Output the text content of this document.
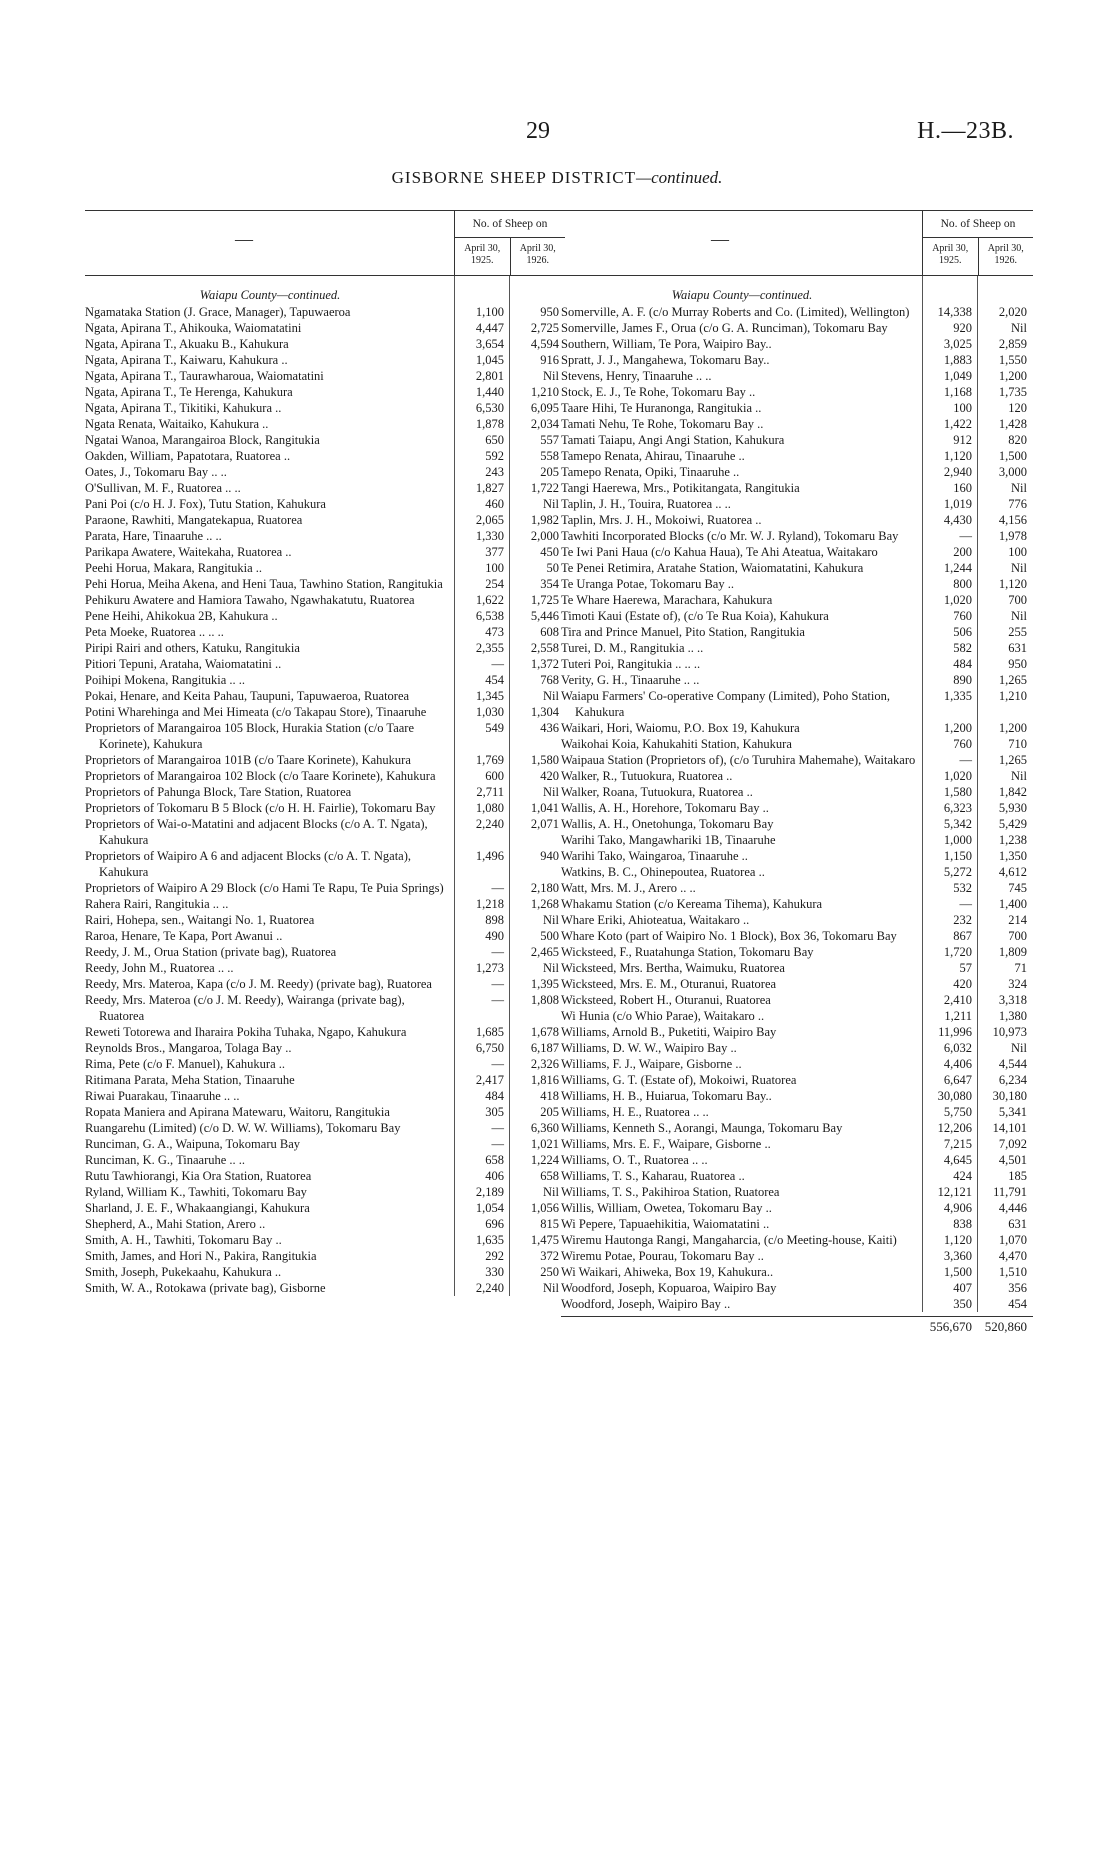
29	H.—23B.
GISBORNE SHEEP DISTRICT—continued.
—
No. of Sheep on
April 30, 1925.
April 30, 1926.
Waiapu County—continued.
Ngamataka Station (J. Grace, Manager), Tapuwaeroa	1,100	950
Ngata, Apirana T., Ahikouka, Waiomatatini	4,447	2,725
Ngata, Apirana T., Akuaku B., Kahukura	3,654	4,594
Ngata, Apirana T., Kaiwaru, Kahukura ..	1,045	916
Ngata, Apirana T., Taurawharoua, Waiomatatini	2,801	Nil
Ngata, Apirana T., Te Herenga, Kahukura	1,440	1,210
Ngata, Apirana T., Tikitiki, Kahukura ..	6,530	6,095
Ngata Renata, Waitaiko, Kahukura ..	1,878	2,034
Ngatai Wanoa, Marangairoa Block, Rangitukia	650	557
Oakden, William, Papatotara, Ruatorea ..	592	558
Oates, J., Tokomaru Bay .. ..	243	205
O'Sullivan, M. F., Ruatorea .. ..	1,827	1,722
Pani Poi (c/o H. J. Fox), Tutu Station, Kahukura	460	Nil
Paraone, Rawhiti, Mangatekapua, Ruatorea	2,065	1,982
Parata, Hare, Tinaaruhe .. ..	1,330	2,000
Parikapa Awatere, Waitekaha, Ruatorea ..	377	450
Peehi Horua, Makara, Rangitukia ..	100	50
Pehi Horua, Meiha Akena, and Heni Taua, Tawhino Station, Rangitukia	254	354
Pehikuru Awatere and Hamiora Tawaho, Ngawhakatutu, Ruatorea	1,622	1,725
Pene Heihi, Ahikokua 2B, Kahukura ..	6,538	5,446
Peta Moeke, Ruatorea .. .. ..	473	608
Piripi Rairi and others, Katuku, Rangitukia	2,355	2,558
Pitiori Tepuni, Arataha, Waiomatatini ..	—	1,372
Poihipi Mokena, Rangitukia .. ..	454	768
Pokai, Henare, and Keita Pahau, Taupuni, Tapuwaeroa, Ruatorea	1,345	Nil
Potini Wharehinga and Mei Himeata (c/o Takapau Store), Tinaaruhe	1,030	1,304
Proprietors of Marangairoa 105 Block, Hurakia Station (c/o Taare Korinete), Kahukura
549	436
Proprietors of Marangairoa 101B (c/o Taare Korinete), Kahukura	1,769	1,580
Proprietors of Marangairoa 102 Block (c/o Taare Korinete), Kahukura	600	420
Proprietors of Pahunga Block, Tare Station, Ruatorea	2,711	Nil
Proprietors of Tokomaru B 5 Block (c/o H. H. Fairlie), Tokomaru Bay	1,080	1,041
Proprietors of Wai-o-Matatini and adjacent Blocks (c/o A. T. Ngata), Kahukura
2,240	2,071
Proprietors of Waipiro A 6 and adjacent Blocks (c/o A. T. Ngata), Kahukura
1,496	940
Proprietors of Waipiro A 29 Block (c/o Hami Te Rapu, Te Puia Springs)	—	2,180
Rahera Rairi, Rangitukia .. ..	1,218	1,268
Rairi, Hohepa, sen., Waitangi No. 1, Ruatorea	898	Nil
Raroa, Henare, Te Kapa, Port Awanui ..	490	500
Reedy, J. M., Orua Station (private bag), Ruatorea	—	2,465
Reedy, John M., Ruatorea .. ..	1,273	Nil
Reedy, Mrs. Materoa, Kapa (c/o J. M. Reedy) (private bag), Ruatorea	—	1,395
Reedy, Mrs. Materoa (c/o J. M. Reedy), Wairanga (private bag), Ruatorea
—	1,808
Reweti Totorewa and Iharaira Pokiha Tuhaka, Ngapo, Kahukura	1,685	1,678
Reynolds Bros., Mangaroa, Tolaga Bay ..	6,750	6,187
Rima, Pete (c/o F. Manuel), Kahukura ..	—	2,326
Ritimana Parata, Meha Station, Tinaaruhe	2,417	1,816
Riwai Puarakau, Tinaaruhe .. ..	484	418
Ropata Maniera and Apirana Matewaru, Waitoru, Rangitukia	305	205
Ruangarehu (Limited) (c/o D. W. W. Williams), Tokomaru Bay	—	6,360
Runciman, G. A., Waipuna, Tokomaru Bay	—	1,021
Runciman, K. G., Tinaaruhe .. ..	658	1,224
Rutu Tawhiorangi, Kia Ora Station, Ruatorea	406	658
Ryland, William K., Tawhiti, Tokomaru Bay	2,189	Nil
Sharland, J. E. F., Whakaangiangi, Kahukura	1,054	1,056
Shepherd, A., Mahi Station, Arero ..	696	815
Smith, A. H., Tawhiti, Tokomaru Bay ..	1,635	1,475
Smith, James, and Hori N., Pakira, Rangitukia	292	372
Smith, Joseph, Pukekaahu, Kahukura ..	330	250
Smith, W. A., Rotokawa (private bag), Gisborne	2,240	Nil
—
No. of Sheep on
April 30, 1925.
April 30, 1926.
Waiapu County—continued.
Somerville, A. F. (c/o Murray Roberts and Co. (Limited), Wellington)	14,338	2,020
Somerville, James F., Orua (c/o G. A. Runciman), Tokomaru Bay	920	Nil
Southern, William, Te Pora, Waipiro Bay..	3,025	2,859
Spratt, J. J., Mangahewa, Tokomaru Bay..	1,883	1,550
Stevens, Henry, Tinaaruhe .. ..	1,049	1,200
Stock, E. J., Te Rohe, Tokomaru Bay ..	1,168	1,735
Taare Hihi, Te Huranonga, Rangitukia ..	100	120
Tamati Nehu, Te Rohe, Tokomaru Bay ..	1,422	1,428
Tamati Taiapu, Angi Angi Station, Kahukura	912	820
Tamepo Renata, Ahirau, Tinaaruhe ..	1,120	1,500
Tamepo Renata, Opiki, Tinaaruhe ..	2,940	3,000
Tangi Haerewa, Mrs., Potikitangata, Rangitukia	160	Nil
Taplin, J. H., Touira, Ruatorea .. ..	1,019	776
Taplin, Mrs. J. H., Mokoiwi, Ruatorea ..	4,430	4,156
Tawhiti Incorporated Blocks (c/o Mr. W. J. Ryland), Tokomaru Bay	—	1,978
Te Iwi Pani Haua (c/o Kahua Haua), Te Ahi Ateatua, Waitakaro	200	100
Te Penei Retimira, Aratahe Station, Waiomatatini, Kahukura	1,244	Nil
Te Uranga Potae, Tokomaru Bay ..	800	1,120
Te Whare Haerewa, Marachara, Kahukura	1,020	700
Timoti Kaui (Estate of), (c/o Te Rua Koia), Kahukura	760	Nil
Tira and Prince Manuel, Pito Station, Rangitukia	506	255
Turei, D. M., Rangitukia .. ..	582	631
Tuteri Poi, Rangitukia .. .. ..	484	950
Verity, G. H., Tinaaruhe .. ..	890	1,265
Waiapu Farmers' Co-operative Company (Limited), Poho Station, Kahukura
1,335	1,210
Waikari, Hori, Waiomu, P.O. Box 19, Kahukura	1,200	1,200
Waikohai Koia, Kahukahiti Station, Kahukura	760	710
Waipaua Station (Proprietors of), (c/o Turuhira Mahemahe), Waitakaro	—	1,265
Walker, R., Tutuokura, Ruatorea ..	1,020	Nil
Walker, Roana, Tutuokura, Ruatorea ..	1,580	1,842
Wallis, A. H., Horehore, Tokomaru Bay ..	6,323	5,930
Wallis, A. H., Onetohunga, Tokomaru Bay	5,342	5,429
Warihi Tako, Mangawhariki 1B, Tinaaruhe	1,000	1,238
Warihi Tako, Waingaroa, Tinaaruhe ..	1,150	1,350
Watkins, B. C., Ohinepoutea, Ruatorea ..	5,272	4,612
Watt, Mrs. M. J., Arero .. ..	532	745
Whakamu Station (c/o Kereama Tihema), Kahukura	—	1,400
Whare Eriki, Ahioteatua, Waitakaro ..	232	214
Whare Koto (part of Waipiro No. 1 Block), Box 36, Tokomaru Bay	867	700
Wicksteed, F., Ruatahunga Station, Tokomaru Bay	1,720	1,809
Wicksteed, Mrs. Bertha, Waimuku, Ruatorea	57	71
Wicksteed, Mrs. E. M., Oturanui, Ruatorea	420	324
Wicksteed, Robert H., Oturanui, Ruatorea	2,410	3,318
Wi Hunia (c/o Whio Parae), Waitakaro ..	1,211	1,380
Williams, Arnold B., Puketiti, Waipiro Bay	11,996	10,973
Williams, D. W. W., Waipiro Bay ..	6,032	Nil
Williams, F. J., Waipare, Gisborne ..	4,406	4,544
Williams, G. T. (Estate of), Mokoiwi, Ruatorea	6,647	6,234
Williams, H. B., Huiarua, Tokomaru Bay..	30,080	30,180
Williams, H. E., Ruatorea .. ..	5,750	5,341
Williams, Kenneth S., Aorangi, Maunga, Tokomaru Bay	12,206	14,101
Williams, Mrs. E. F., Waipare, Gisborne ..	7,215	7,092
Williams, O. T., Ruatorea .. ..	4,645	4,501
Williams, T. S., Kaharau, Ruatorea ..	424	185
Williams, T. S., Pakihiroa Station, Ruatorea	12,121	11,791
Willis, William, Owetea, Tokomaru Bay ..	4,906	4,446
Wi Pepere, Tapuaehikitia, Waiomatatini ..	838	631
Wiremu Hautonga Rangi, Mangaharcia, (c/o Meeting-house, Kaiti)	1,120	1,070
Wiremu Potae, Pourau, Tokomaru Bay ..	3,360	4,470
Wi Waikari, Ahiweka, Box 19, Kahukura..	1,500	1,510
Woodford, Joseph, Kopuaroa, Waipiro Bay	407	356
Woodford, Joseph, Waipiro Bay ..	350	454
556,670 520,860
